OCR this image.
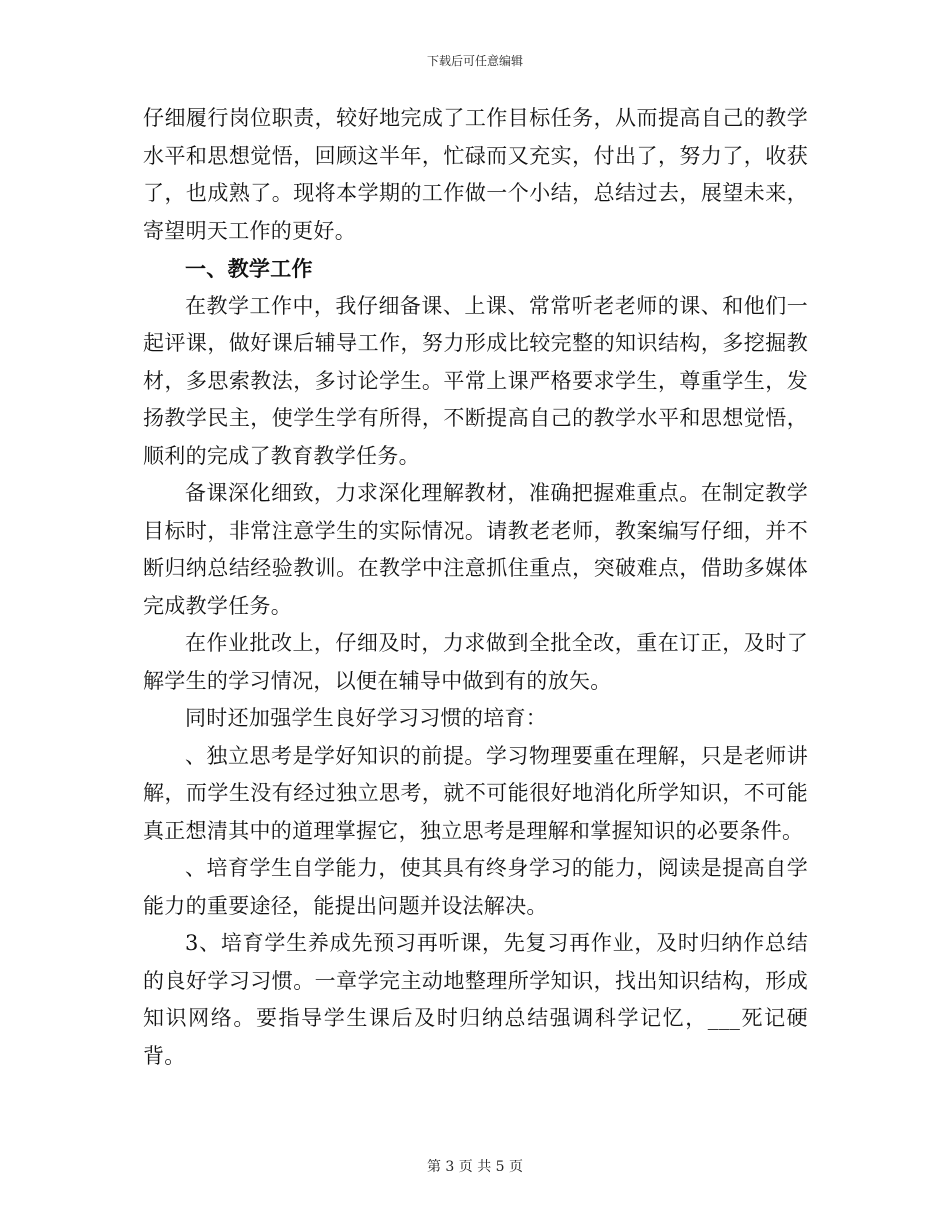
下载后可任意编辑

仔细履行岗位职责，较好地完成了工作目标任务，从而提高自己的教学水平和思想觉悟，回顾这半年，忙碌而又充实，付出了，努力了，收获了，也成熟了。现将本学期的工作做一个小结，总结过去，展望未来，寄望明天工作的更好。

一、教学工作

在教学工作中，我仔细备课、上课、常常听老老师的课、和他们一起评课，做好课后辅导工作，努力形成比较完整的知识结构，多挖掘教材，多思索教法，多讨论学生。平常上课严格要求学生，尊重学生，发扬教学民主，使学生学有所得，不断提高自己的教学水平和思想觉悟，顺利的完成了教育教学任务。

备课深化细致，力求深化理解教材，准确把握难重点。在制定教学目标时，非常注意学生的实际情况。请教老老师，教案编写仔细，并不断归纳总结经验教训。在教学中注意抓住重点，突破难点，借助多媒体完成教学任务。

在作业批改上，仔细及时，力求做到全批全改，重在订正，及时了解学生的学习情况，以便在辅导中做到有的放矢。

同时还加强学生良好学习习惯的培育：

、独立思考是学好知识的前提。学习物理要重在理解，只是老师讲解，而学生没有经过独立思考，就不可能很好地消化所学知识，不可能真正想清其中的道理掌握它，独立思考是理解和掌握知识的必要条件。

、培育学生自学能力，使其具有终身学习的能力，阅读是提高自学能力的重要途径，能提出问题并设法解决。

3、培育学生养成先预习再听课，先复习再作业，及时归纳作总结的良好学习习惯。一章学完主动地整理所学知识，找出知识结构，形成知识网络。要指导学生课后及时归纳总结强调科学记忆，___死记硬背。

第 3 页 共 5 页
